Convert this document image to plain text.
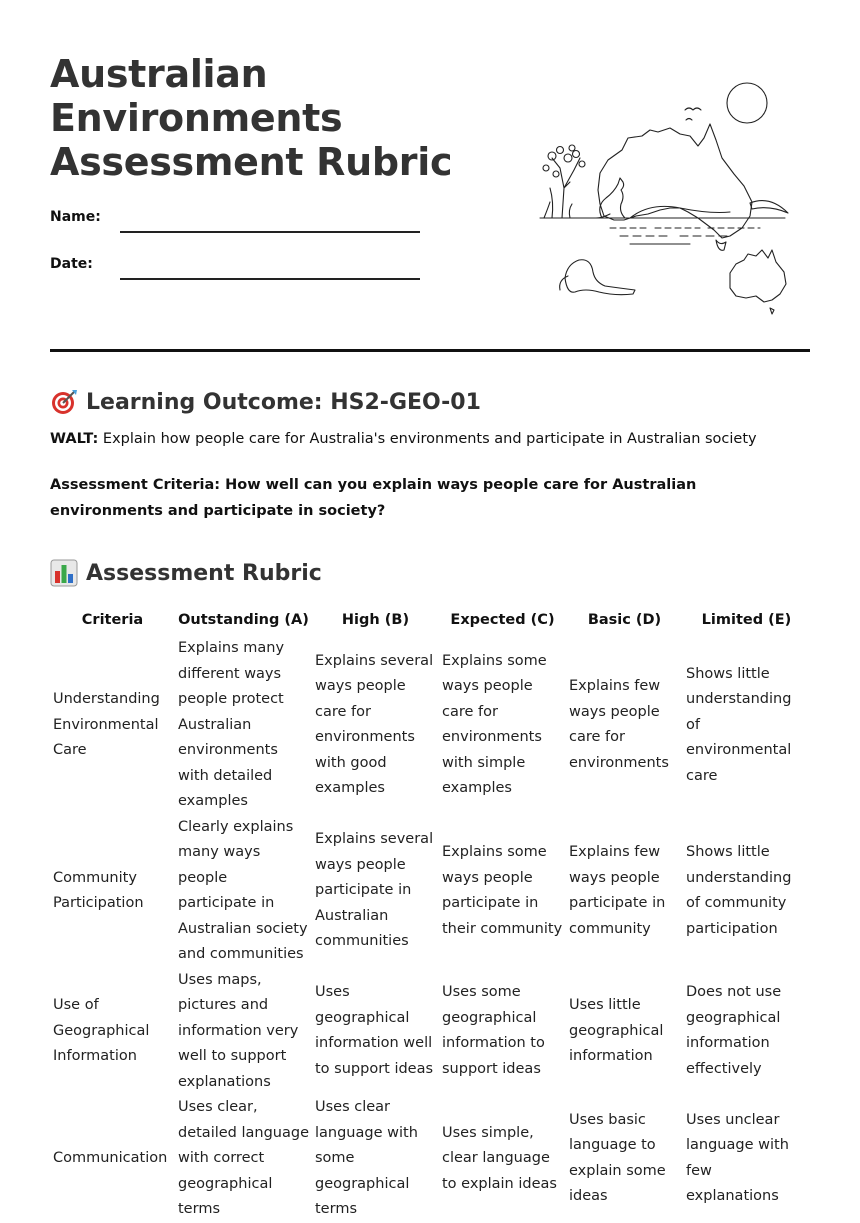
Australian
Environments
Assessment Rubric
Name:
Date:
Learning Outcome: HS2-GEO-01

WALT: Explain how people care for Australia's environments and participate in Australian society

Assessment Criteria: How well can you explain ways people care for Australian environments and participate in society?

Assessment Rubric
Criteria	Outstanding (A)	High (B)	Expected (C)	Basic (D)	Limited (E)
Understanding Environmental Care	Explains many different ways people protect Australian environments with detailed examples	Explains several ways people care for environments with good examples	Explains some ways people care for environments with simple examples	Explains few ways people care for environments	Shows little understanding of environmental care
Community Participation	Clearly explains many ways people participate in Australian society and communities	Explains several ways people participate in Australian communities	Explains some ways people participate in their community	Explains few ways people participate in community	Shows little understanding of community participation
Use of Geographical Information	Uses maps, pictures and information very well to support explanations	Uses geographical information well to support ideas	Uses some geographical information to support ideas	Uses little geographical information	Does not use geographical information effectively
Communication	Uses clear, detailed language with correct geographical terms	Uses clear language with some geographical terms	Uses simple, clear language to explain ideas	Uses basic language to explain some ideas	Uses unclear language with few explanations
